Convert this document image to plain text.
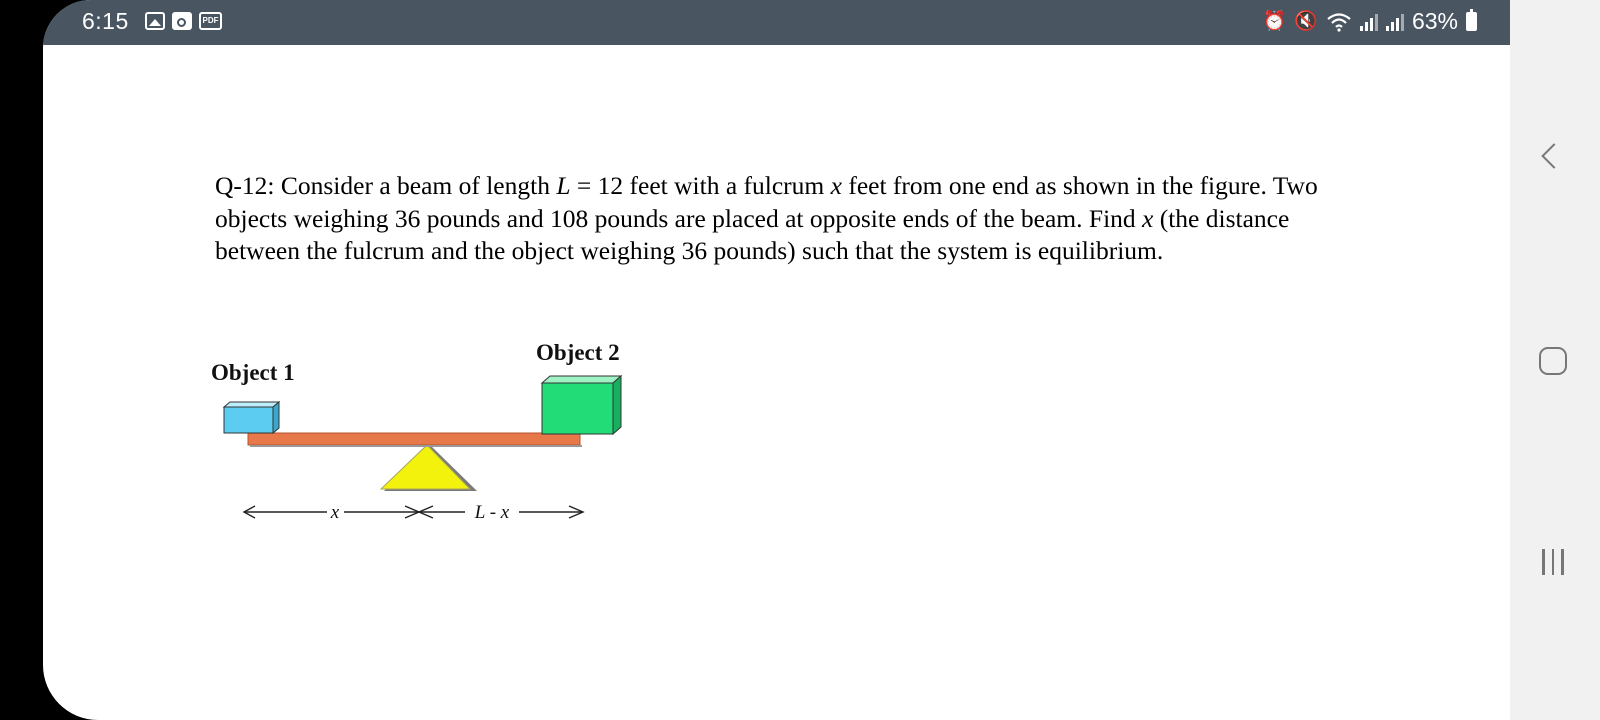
6:15	PDF	⏰ 🔇	63%
Q-12: Consider a beam of length L = 12 feet with a fulcrum x feet from one end as shown in the figure. Two objects weighing 36 pounds and 108 pounds are placed at opposite ends of the beam. Find x (the distance between the fulcrum and the object weighing 36 pounds) such that the system is equilibrium.
Object 1
Object 2
x	L - x
